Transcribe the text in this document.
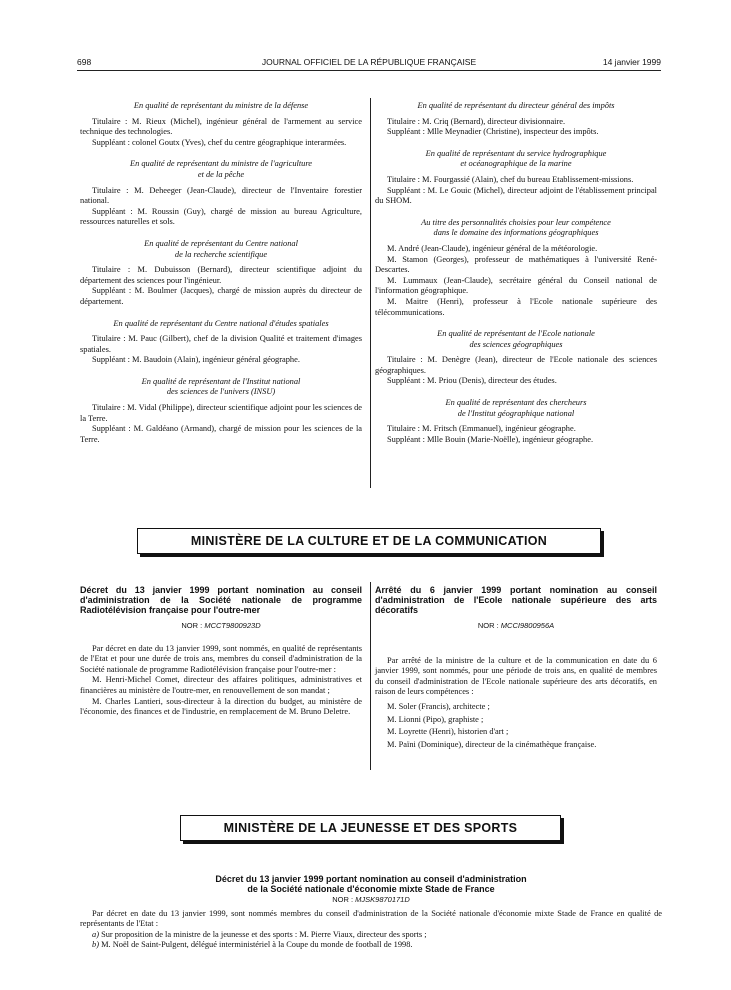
698	JOURNAL OFFICIEL DE LA RÉPUBLIQUE FRANÇAISE	14 janvier 1999
En qualité de représentant du ministre de la défense

Titulaire : M. Rieux (Michel), ingénieur général de l'armement au service technique des technologies.

Suppléant : colonel Goutx (Yves), chef du centre géographique interarmées.

En qualité de représentant du ministre de l'agriculture
et de la pêche

Titulaire : M. Deheeger (Jean-Claude), directeur de l'Inventaire forestier national.

Suppléant : M. Roussin (Guy), chargé de mission au bureau Agriculture, ressources naturelles et sols.

En qualité de représentant du Centre national
de la recherche scientifique

Titulaire : M. Dubuisson (Bernard), directeur scientifique adjoint du département des sciences pour l'ingénieur.

Suppléant : M. Boulmer (Jacques), chargé de mission auprès du directeur de département.

En qualité de représentant du Centre national d'études spatiales

Titulaire : M. Pauc (Gilbert), chef de la division Qualité et traitement d'images spatiales.

Suppléant : M. Baudoin (Alain), ingénieur général géographe.

En qualité de représentant de l'Institut national
des sciences de l'univers (INSU)

Titulaire : M. Vidal (Philippe), directeur scientifique adjoint pour les sciences de la Terre.

Suppléant : M. Galdéano (Armand), chargé de mission pour les sciences de la Terre.

En qualité de représentant du directeur général des impôts

Titulaire : M. Criq (Bernard), directeur divisionnaire.

Suppléant : Mlle Meynadier (Christine), inspecteur des impôts.

En qualité de représentant du service hydrographique
et océanographique de la marine

Titulaire : M. Fourgassié (Alain), chef du bureau Etablissement-missions.

Suppléant : M. Le Gouic (Michel), directeur adjoint de l'établissement principal du SHOM.

Au titre des personnalités choisies pour leur compétence
dans le domaine des informations géographiques

M. André (Jean-Claude), ingénieur général de la météorologie.

M. Stamon (Georges), professeur de mathématiques à l'université René-Descartes.

M. Lummaux (Jean-Claude), secrétaire général du Conseil national de l'information géographique.

M. Maitre (Henri), professeur à l'Ecole nationale supérieure des télécommunications.

En qualité de représentant de l'Ecole nationale
des sciences géographiques

Titulaire : M. Denègre (Jean), directeur de l'Ecole nationale des sciences géographiques.

Suppléant : M. Priou (Denis), directeur des études.

En qualité de représentant des chercheurs
de l'Institut géographique national

Titulaire : M. Fritsch (Emmanuel), ingénieur géographe.

Suppléant : Mlle Bouin (Marie-Noëlle), ingénieur géographe.

MINISTÈRE DE LA CULTURE ET DE LA COMMUNICATION

Décret du 13 janvier 1999 portant nomination au conseil d'administration de la Société nationale de programme Radiotélévision française pour l'outre-mer

NOR : MCCT9800923D

Par décret en date du 13 janvier 1999, sont nommés, en qualité de représentants de l'Etat et pour une durée de trois ans, membres du conseil d'administration de la Société nationale de programme Radiotélévision française pour l'outre-mer :

M. Henri-Michel Comet, directeur des affaires politiques, administratives et financières au ministère de l'outre-mer, en renouvellement de son mandat ;

M. Charles Lantieri, sous-directeur à la direction du budget, au ministère de l'économie, des finances et de l'industrie, en remplacement de M. Bruno Deletre.

Arrêté du 6 janvier 1999 portant nomination au conseil d'administration de l'Ecole nationale supérieure des arts décoratifs

NOR : MCCI9800956A

Par arrêté de la ministre de la culture et de la communication en date du 6 janvier 1999, sont nommés, pour une période de trois ans, en qualité de membres du conseil d'administration de l'Ecole nationale supérieure des arts décoratifs, en raison de leurs compétences :

M. Soler (Francis), architecte ;

M. Lionni (Pipo), graphiste ;

M. Loyrette (Henri), historien d'art ;

M. Païni (Dominique), directeur de la cinémathèque française.

MINISTÈRE DE LA JEUNESSE ET DES SPORTS

Décret du 13 janvier 1999 portant nomination au conseil d'administration

de la Société nationale d'économie mixte Stade de France

NOR : MJSK9870171D

Par décret en date du 13 janvier 1999, sont nommés membres du conseil d'administration de la Société nationale d'économie mixte Stade de France en qualité de représentants de l'Etat :

a) Sur proposition de la ministre de la jeunesse et des sports : M. Pierre Viaux, directeur des sports ;

b) M. Noël de Saint-Pulgent, délégué interministériel à la Coupe du monde de football de 1998.
